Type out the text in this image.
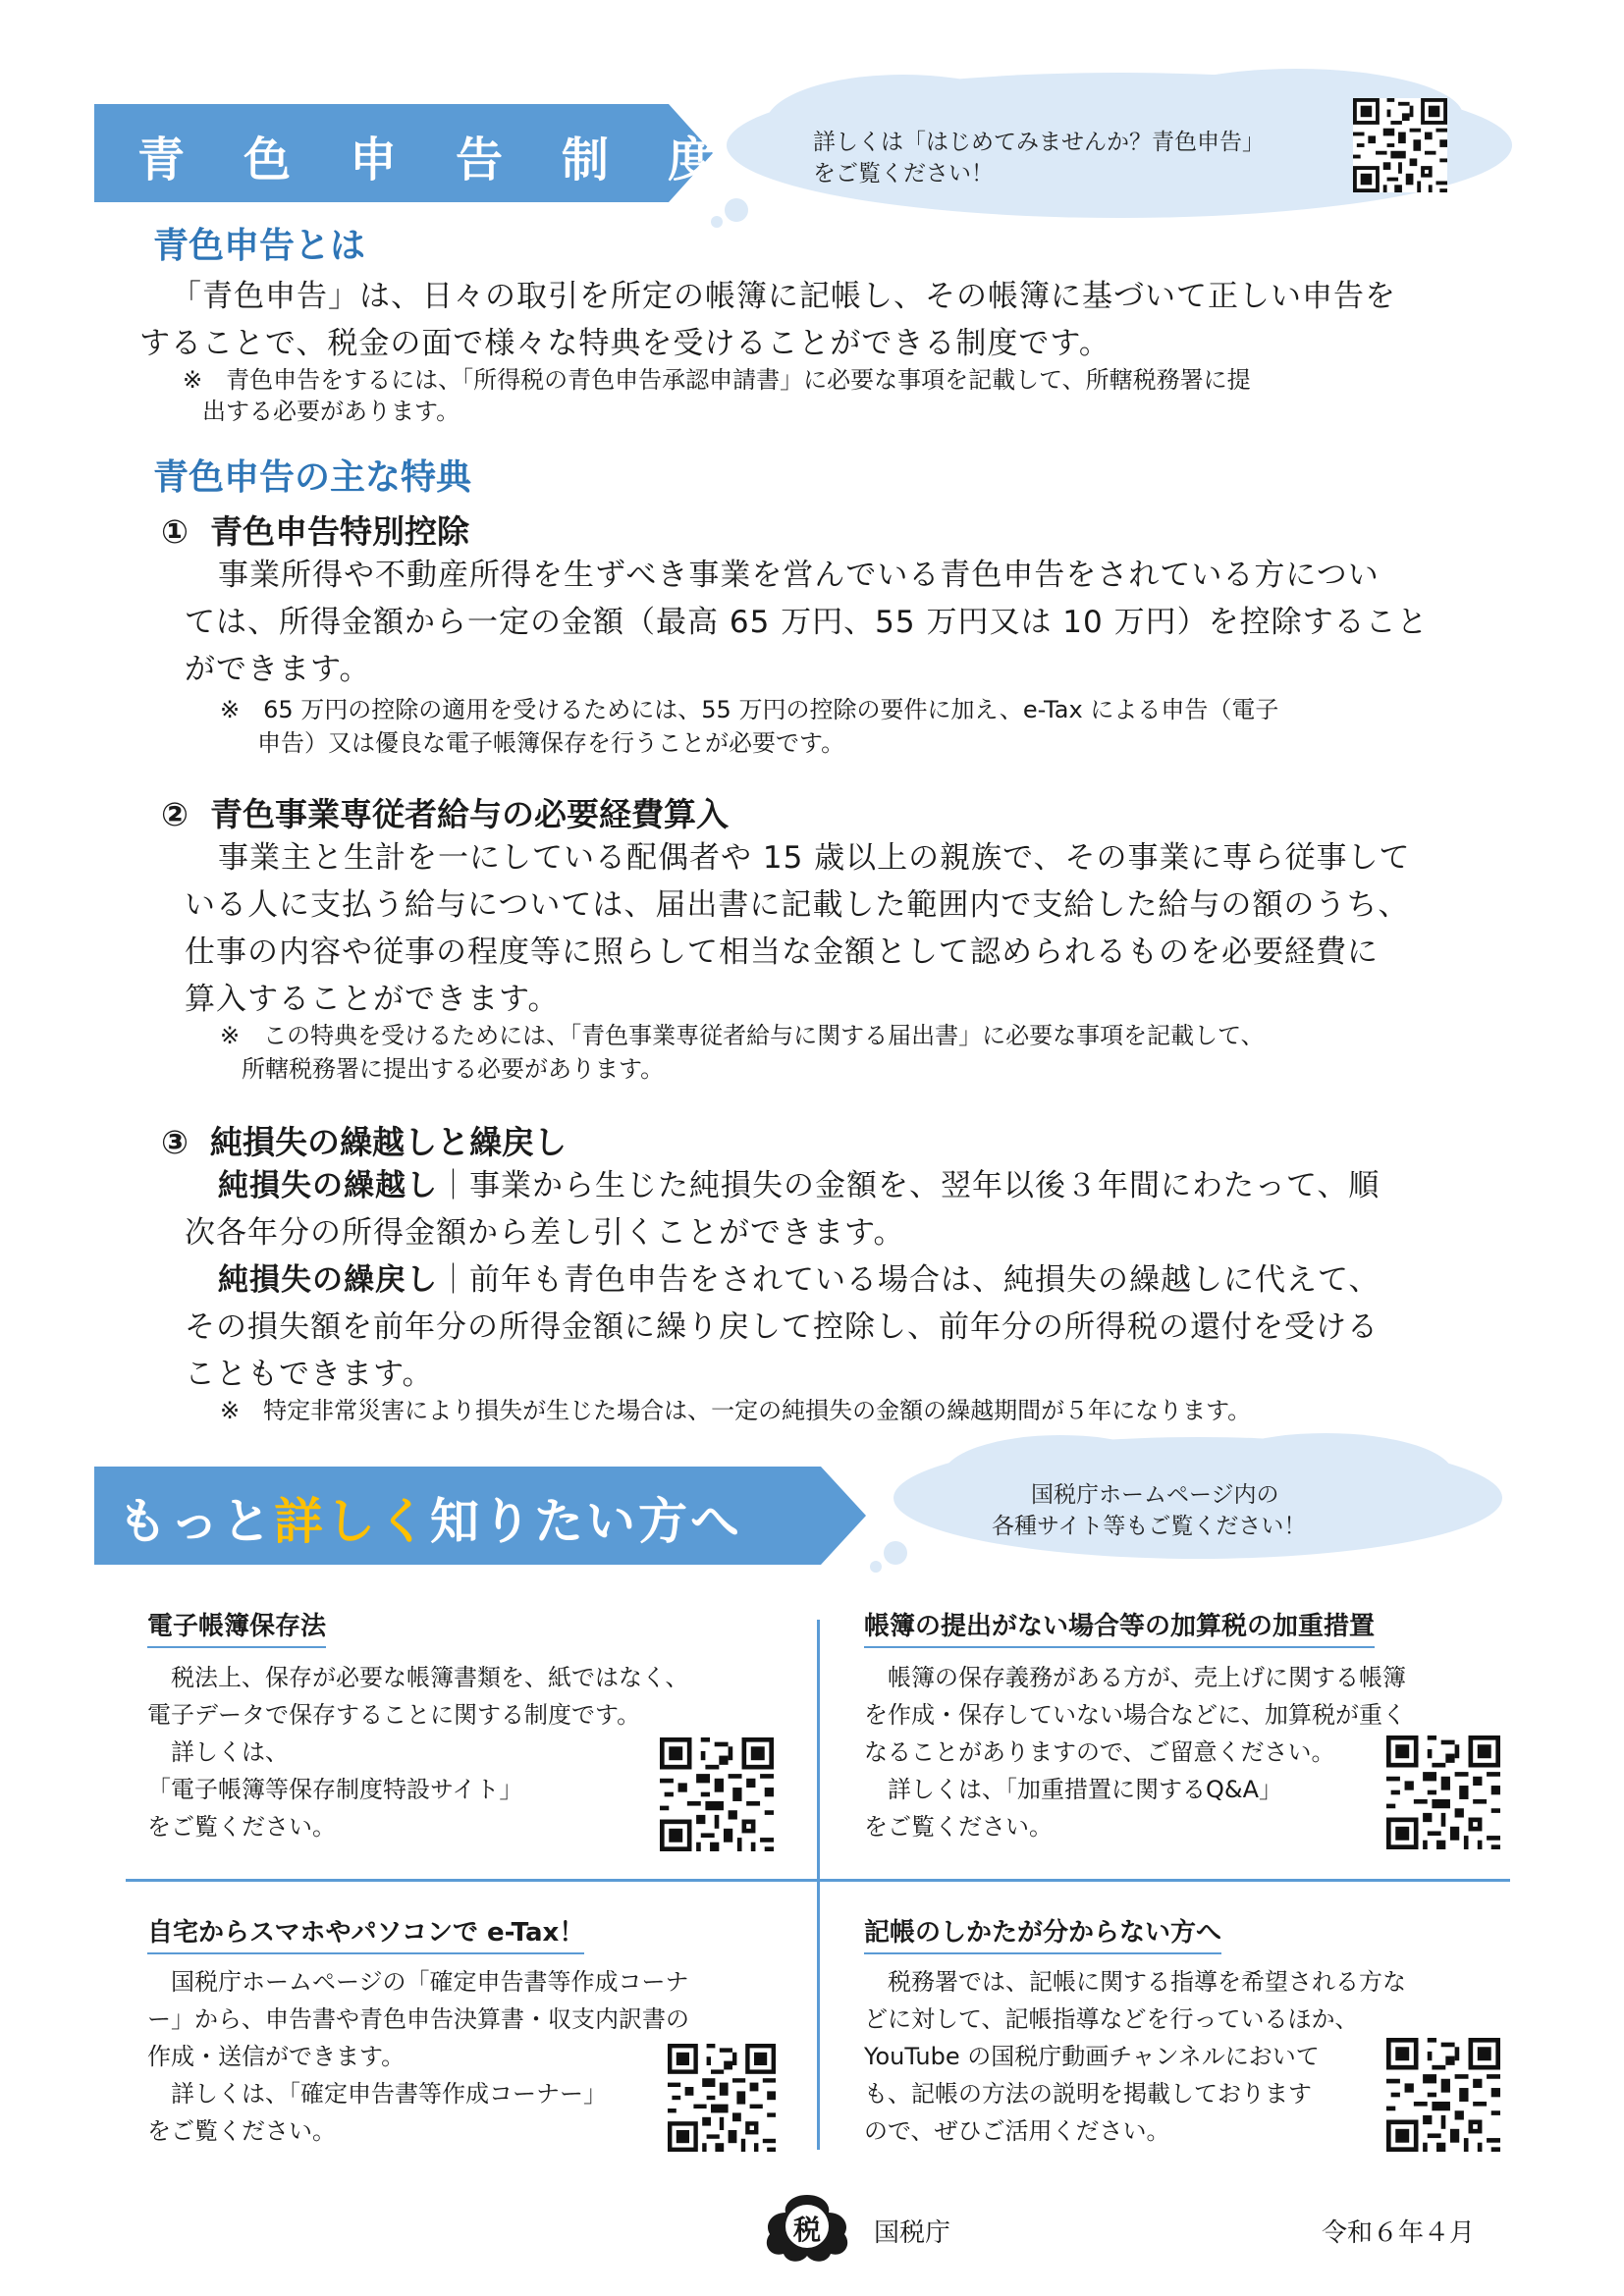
青　色　申　告　制　度	詳しくは「はじめてみませんか？青色申告」
をご覧ください！
青色申告とは
「青色申告」は、日々の取引を所定の帳簿に記帳し、その帳簿に基づいて正しい申告を
することで、税金の面で様々な特典を受けることができる制度です。
※　青色申告をするには、「所得税の青色申告承認申請書」に必要な事項を記載して、所轄税務署に提
出する必要があります。
青色申告の主な特典
① 青色申告特別控除
事業所得や不動産所得を生ずべき事業を営んでいる青色申告をされている方につい
ては、所得金額から一定の金額（最高 65 万円、55 万円又は 10 万円）を控除すること
ができます。
※　65 万円の控除の適用を受けるためには、55 万円の控除の要件に加え、e-Tax による申告（電子
申告）又は優良な電子帳簿保存を行うことが必要です。
② 青色事業専従者給与の必要経費算入
事業主と生計を一にしている配偶者や 15 歳以上の親族で、その事業に専ら従事して
いる人に支払う給与については、届出書に記載した範囲内で支給した給与の額のうち、
仕事の内容や従事の程度等に照らして相当な金額として認められるものを必要経費に
算入することができます。
※　この特典を受けるためには、「青色事業専従者給与に関する届出書」に必要な事項を記載して、
所轄税務署に提出する必要があります。
③ 純損失の繰越しと繰戻し
純損失の繰越し｜事業から生じた純損失の金額を、翌年以後３年間にわたって、順
次各年分の所得金額から差し引くことができます。
純損失の繰戻し｜前年も青色申告をされている場合は、純損失の繰越しに代えて、
その損失額を前年分の所得金額に繰り戻して控除し、前年分の所得税の還付を受ける
こともできます。
※　特定非常災害により損失が生じた場合は、一定の純損失の金額の繰越期間が５年になります。
もっと詳しく知りたい方へ	国税庁ホームページ内の
各種サイト等もご覧ください！
電子帳簿保存法

税法上、保存が必要な帳簿書類を、紙ではなく、

電子データで保存することに関する制度です。

詳しくは、

「電子帳簿等保存制度特設サイト」

をご覧ください。

帳簿の提出がない場合等の加算税の加重措置

帳簿の保存義務がある方が、売上げに関する帳簿

を作成・保存していない場合などに、加算税が重く

なることがありますので、ご留意ください。

詳しくは、「加重措置に関するQ&A」

をご覧ください。

自宅からスマホやパソコンで e-Tax！

国税庁ホームページの「確定申告書等作成コーナ

ー」から、申告書や青色申告決算書・収支内訳書の

作成・送信ができます。

詳しくは、「確定申告書等作成コーナー」

をご覧ください。

記帳のしかたが分からない方へ

税務署では、記帳に関する指導を希望される方な

どに対して、記帳指導などを行っているほか、

YouTube の国税庁動画チャンネルにおいて

も、記帳の方法の説明を掲載しております

ので、ぜひご活用ください。

税 国税庁	令和６年４月
